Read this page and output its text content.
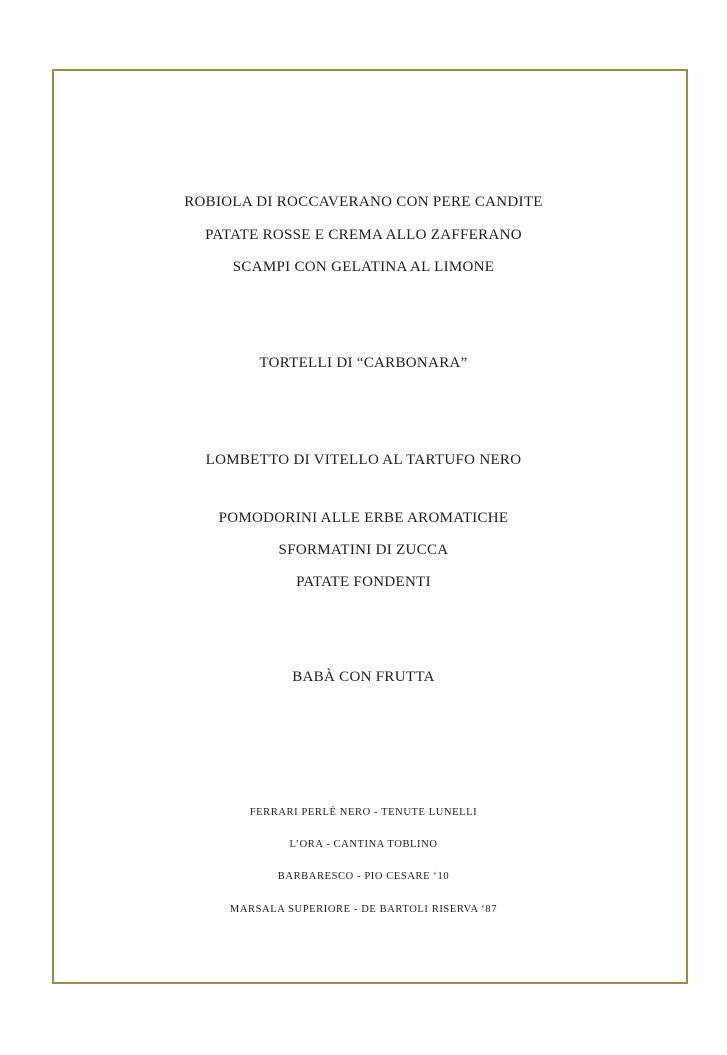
ROBIOLA DI ROCCAVERANO CON PERE CANDITE
PATATE ROSSE E CREMA ALLO ZAFFERANO
SCAMPI CON GELATINA AL LIMONE
TORTELLI DI “CARBONARA”
LOMBETTO DI VITELLO AL TARTUFO NERO
POMODORINI ALLE ERBE AROMATICHE
SFORMATINI DI ZUCCA
PATATE FONDENTI
BABÀ CON FRUTTA
FERRARI PERLÉ NERO - TENUTE LUNELLI
L’ORA - CANTINA TOBLINO
BARBARESCO - PIO CESARE ‘10
MARSALA SUPERIORE - DE BARTOLI RISERVA ‘87
